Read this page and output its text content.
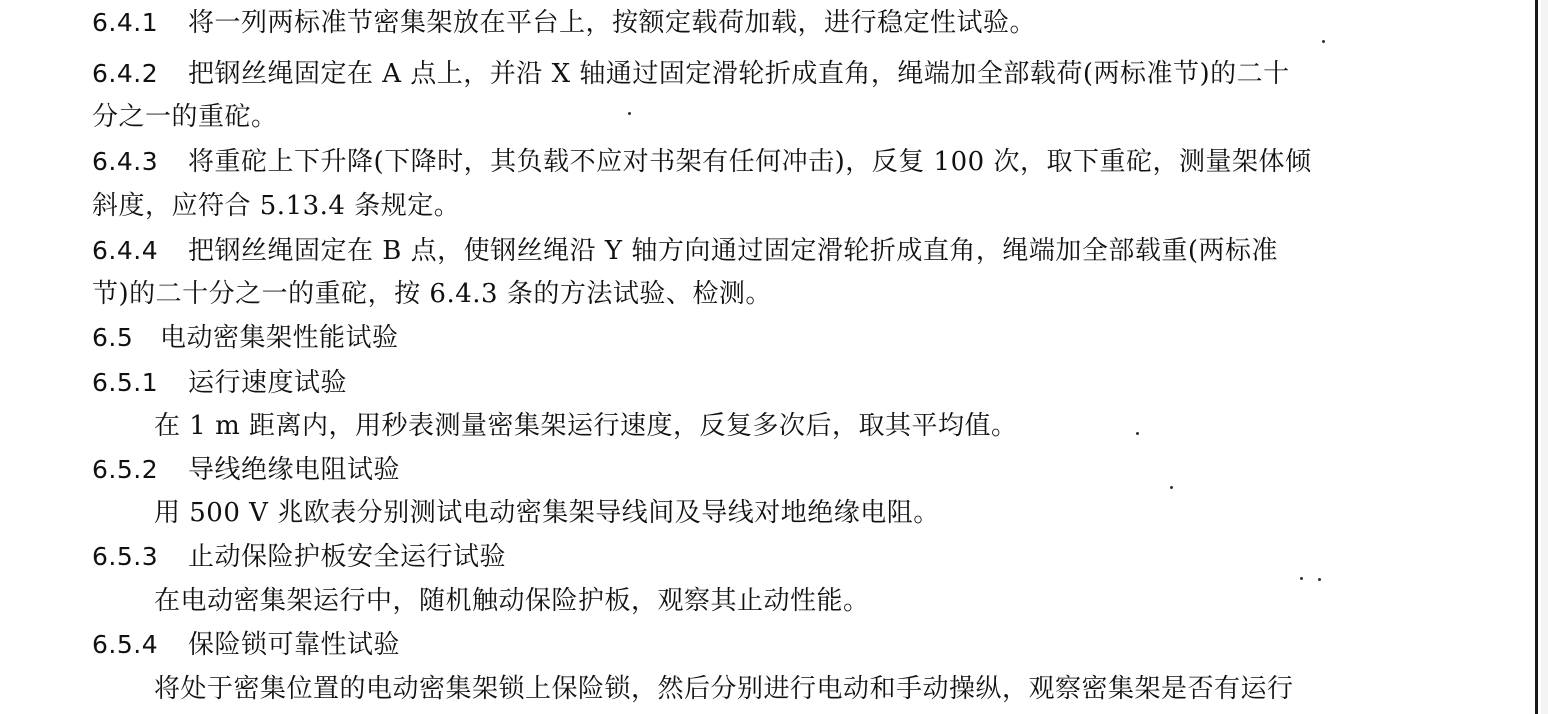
6.4.1 将一列两标准节密集架放在平台上，按额定载荷加载，进行稳定性试验。
6.4.2 把钢丝绳固定在 A 点上，并沿 X 轴通过固定滑轮折成直角，绳端加全部载荷(两标准节)的二十
分之一的重砣。
6.4.3 将重砣上下升降(下降时，其负载不应对书架有任何冲击)，反复 100 次，取下重砣，测量架体倾
斜度，应符合 5.13.4 条规定。
6.4.4 把钢丝绳固定在 B 点，使钢丝绳沿 Y 轴方向通过固定滑轮折成直角，绳端加全部载重(两标准
节)的二十分之一的重砣，按 6.4.3 条的方法试验、检测。
6.5 电动密集架性能试验
6.5.1 运行速度试验
在 1 m 距离内，用秒表测量密集架运行速度，反复多次后，取其平均值。
6.5.2 导线绝缘电阻试验
用 500 V 兆欧表分别测试电动密集架导线间及导线对地绝缘电阻。
6.5.3 止动保险护板安全运行试验
在电动密集架运行中，随机触动保险护板，观察其止动性能。
6.5.4 保险锁可靠性试验
将处于密集位置的电动密集架锁上保险锁，然后分别进行电动和手动操纵，观察密集架是否有运行
